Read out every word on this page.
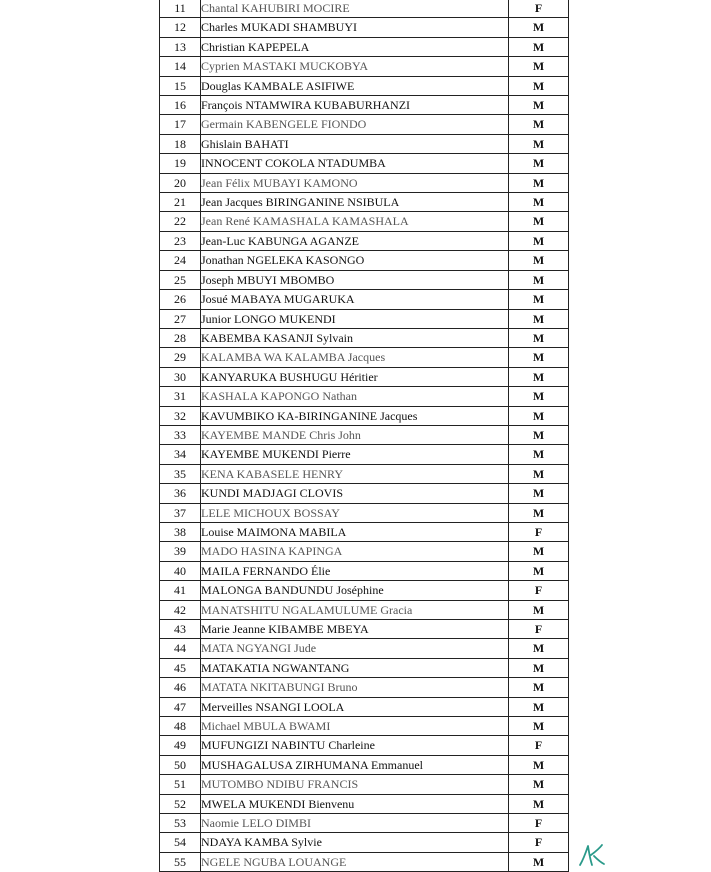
11	Chantal KAHUBIRI MOCIRE	F
12	Charles MUKADI SHAMBUYI	M
13	Christian KAPEPELA	M
14	Cyprien MASTAKI MUCKOBYA	M
15	Douglas KAMBALE ASIFIWE	M
16	François NTAMWIRA KUBABURHANZI	M
17	Germain KABENGELE FIONDO	M
18	Ghislain BAHATI	M
19	INNOCENT COKOLA NTADUMBA	M
20	Jean Félix MUBAYI KAMONO	M
21	Jean Jacques BIRINGANINE NSIBULA	M
22	Jean René KAMASHALA KAMASHALA	M
23	Jean-Luc KABUNGA AGANZE	M
24	Jonathan NGELEKA KASONGO	M
25	Joseph MBUYI MBOMBO	M
26	Josué MABAYA MUGARUKA	M
27	Junior LONGO MUKENDI	M
28	KABEMBA KASANJI Sylvain	M
29	KALAMBA WA KALAMBA Jacques	M
30	KANYARUKA BUSHUGU Héritier	M
31	KASHALA KAPONGO Nathan	M
32	KAVUMBIKO KA-BIRINGANINE Jacques	M
33	KAYEMBE MANDE Chris John	M
34	KAYEMBE MUKENDI Pierre	M
35	KENA KABASELE HENRY	M
36	KUNDI MADJAGI CLOVIS	M
37	LELE MICHOUX BOSSAY	M
38	Louise MAIMONA MABILA	F
39	MADO HASINA KAPINGA	M
40	MAILA FERNANDO Élie	M
41	MALONGA BANDUNDU Joséphine	F
42	MANATSHITU NGALAMULUME Gracia	M
43	Marie Jeanne KIBAMBE MBEYA	F
44	MATA NGYANGI Jude	M
45	MATAKATIA NGWANTANG	M
46	MATATA NKITABUNGI Bruno	M
47	Merveilles NSANGI LOOLA	M
48	Michael MBULA BWAMI	M
49	MUFUNGIZI NABINTU Charleine	F
50	MUSHAGALUSA ZIRHUMANA Emmanuel	M
51	MUTOMBO NDIBU FRANCIS	M
52	MWELA MUKENDI Bienvenu	M
53	Naomie LELO DIMBI	F
54	NDAYA KAMBA Sylvie	F
55	NGELE NGUBA LOUANGE	M
